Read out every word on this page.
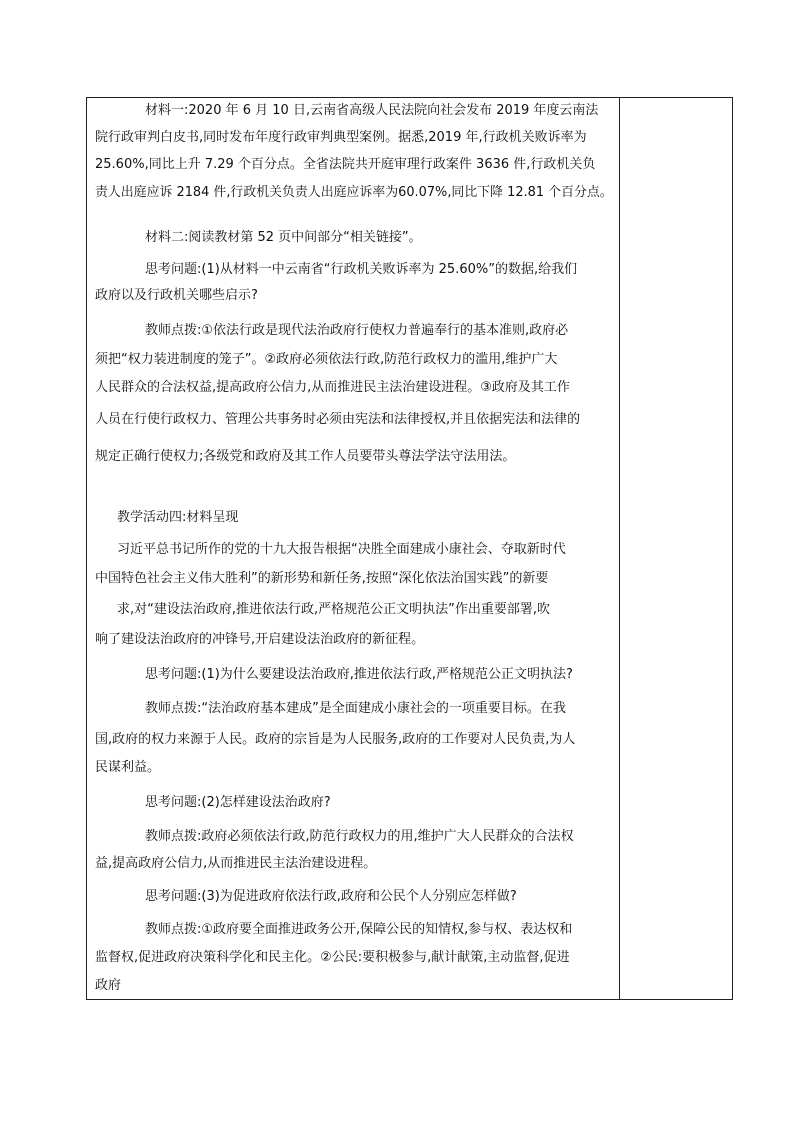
材料一:2020 年 6 月 10 日,云南省高级人民法院向社会发布 2019 年度云南法
院行政审判白皮书,同时发布年度行政审判典型案例。据悉,2019 年,行政机关败诉率为
25.60%,同比上升 7.29 个百分点。全省法院共开庭审理行政案件 3636 件,行政机关负
责人出庭应诉 2184 件,行政机关负责人出庭应诉率为60.07%,同比下降 12.81 个百分点。
材料二:阅读教材第 52 页中间部分“相关链接”。
思考问题:(1)从材料一中云南省“行政机关败诉率为 25.60%”的数据,给我们
政府以及行政机关哪些启示?
教师点拨:①依法行政是现代法治政府行使权力普遍奉行的基本准则,政府必
须把“权力装进制度的笼子”。②政府必须依法行政,防范行政权力的滥用,维护广大
人民群众的合法权益,提高政府公信力,从而推进民主法治建设进程。③政府及其工作
人员在行使行政权力、管理公共事务时必须由宪法和法律授权,并且依据宪法和法律的
规定正确行使权力;各级党和政府及其工作人员要带头尊法学法守法用法。
教学活动四:材料呈现
习近平总书记所作的党的十九大报告根据“决胜全面建成小康社会、夺取新时代
中国特色社会主义伟大胜利”的新形势和新任务,按照“深化依法治国实践”的新要
求,对“建设法治政府,推进依法行政,严格规范公正文明执法”作出重要部署,吹
响了建设法治政府的冲锋号,开启建设法治政府的新征程。
思考问题:(1)为什么要建设法治政府,推进依法行政,严格规范公正文明执法?
教师点拨:“法治政府基本建成”是全面建成小康社会的一项重要目标。在我
国,政府的权力来源于人民。政府的宗旨是为人民服务,政府的工作要对人民负责,为人
民谋利益。
思考问题:(2)怎样建设法治政府?
教师点拨:政府必须依法行政,防范行政权力的用,维护广大人民群众的合法权
益,提高政府公信力,从而推进民主法治建设进程。
思考问题:(3)为促进政府依法行政,政府和公民个人分别应怎样做?
教师点拨:①政府要全面推进政务公开,保障公民的知情权,参与权、表达权和
监督权,促进政府决策科学化和民主化。②公民:要积极参与,献计献策,主动监督,促进
政府
